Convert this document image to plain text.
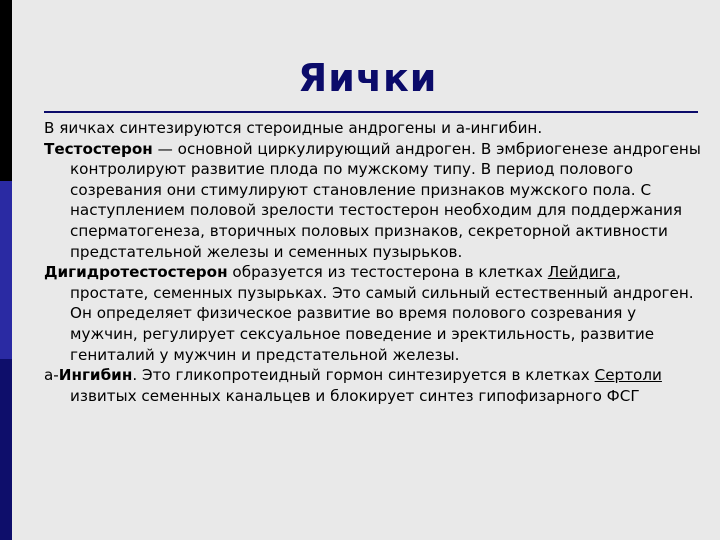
Яички

В яичках синтезируются стероидные андрогены и a-ингибин.

Тестостерон — основной циркулирующий андроген. В эмбриогенезе андрогены контролируют развитие плода по мужскому типу. В период полового созревания они стимулируют становление признаков мужского пола. С наступлением половой зрелости тестостерон необходим для поддержания сперматогенеза, вторичных половых признаков, секреторной активности предстательной железы и семенных пузырьков.

Дигидротестостерон образуется из тестостерона в клетках Лейдига, простате, семенных пузырьках. Это самый сильный естественный андроген. Он определяет физическое развитие во время полового созревания у мужчин, регулирует сексуальное поведение и эректильность, развитие гениталий у мужчин и предстательной железы.

a-Ингибин. Это гликопротеидный гормон синтезируется в клетках Сертоли извитых семенных канальцев и блокирует синтез гипофизарного ФСГ
